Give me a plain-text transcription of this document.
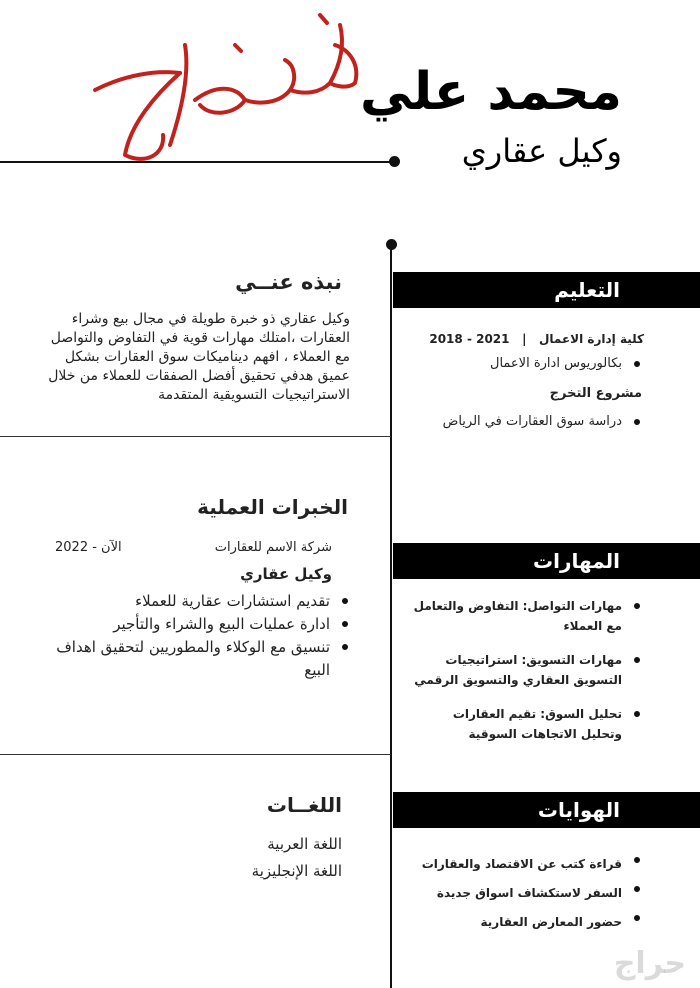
محمد علي
وكيل عقاري
نبذه عنــي
وكيل عقاري ذو خبرة طويلة في مجال بيع وشراء
العقارات ،امتلك مهارات قوية في التفاوض والتواصل
مع العملاء ، افهم ديناميكات سوق العقارات بشكل
عميق هدفي تحقيق أفضل الصفقات للعملاء من خلال
الاستراتيجيات التسويقية المتقدمة
الخبرات العملية
شركة الاسم للعقارات
الآن - 2022
وكيل عقاري
تقديم استشارات عقارية للعملاء
ادارة عمليات البيع والشراء والتأجير
تنسيق مع الوكلاء والمطوريين لتحقيق اهداف
البيع
اللغــات
اللغة العربية
اللغة الإنجليزية
التعليم
كلية إدارة الاعمال   |   2021 - 2018
بكالوريوس ادارة الاعمال
مشروع التخرج
دراسة سوق العقارات في الرياض
المهارات
مهارات التواصل: التفاوض والتعامل
مع العملاء
مهارات التسويق: استراتيجيات
التسويق العقاري والتسويق الرقمي
تحليل السوق: تقيم العقارات
وتحليل الاتجاهات السوقية
الهوايات
قراءة كتب عن الاقتصاد والعقارات
السفر لاستكشاف اسواق جديدة
حضور المعارض العقارية
حراج
